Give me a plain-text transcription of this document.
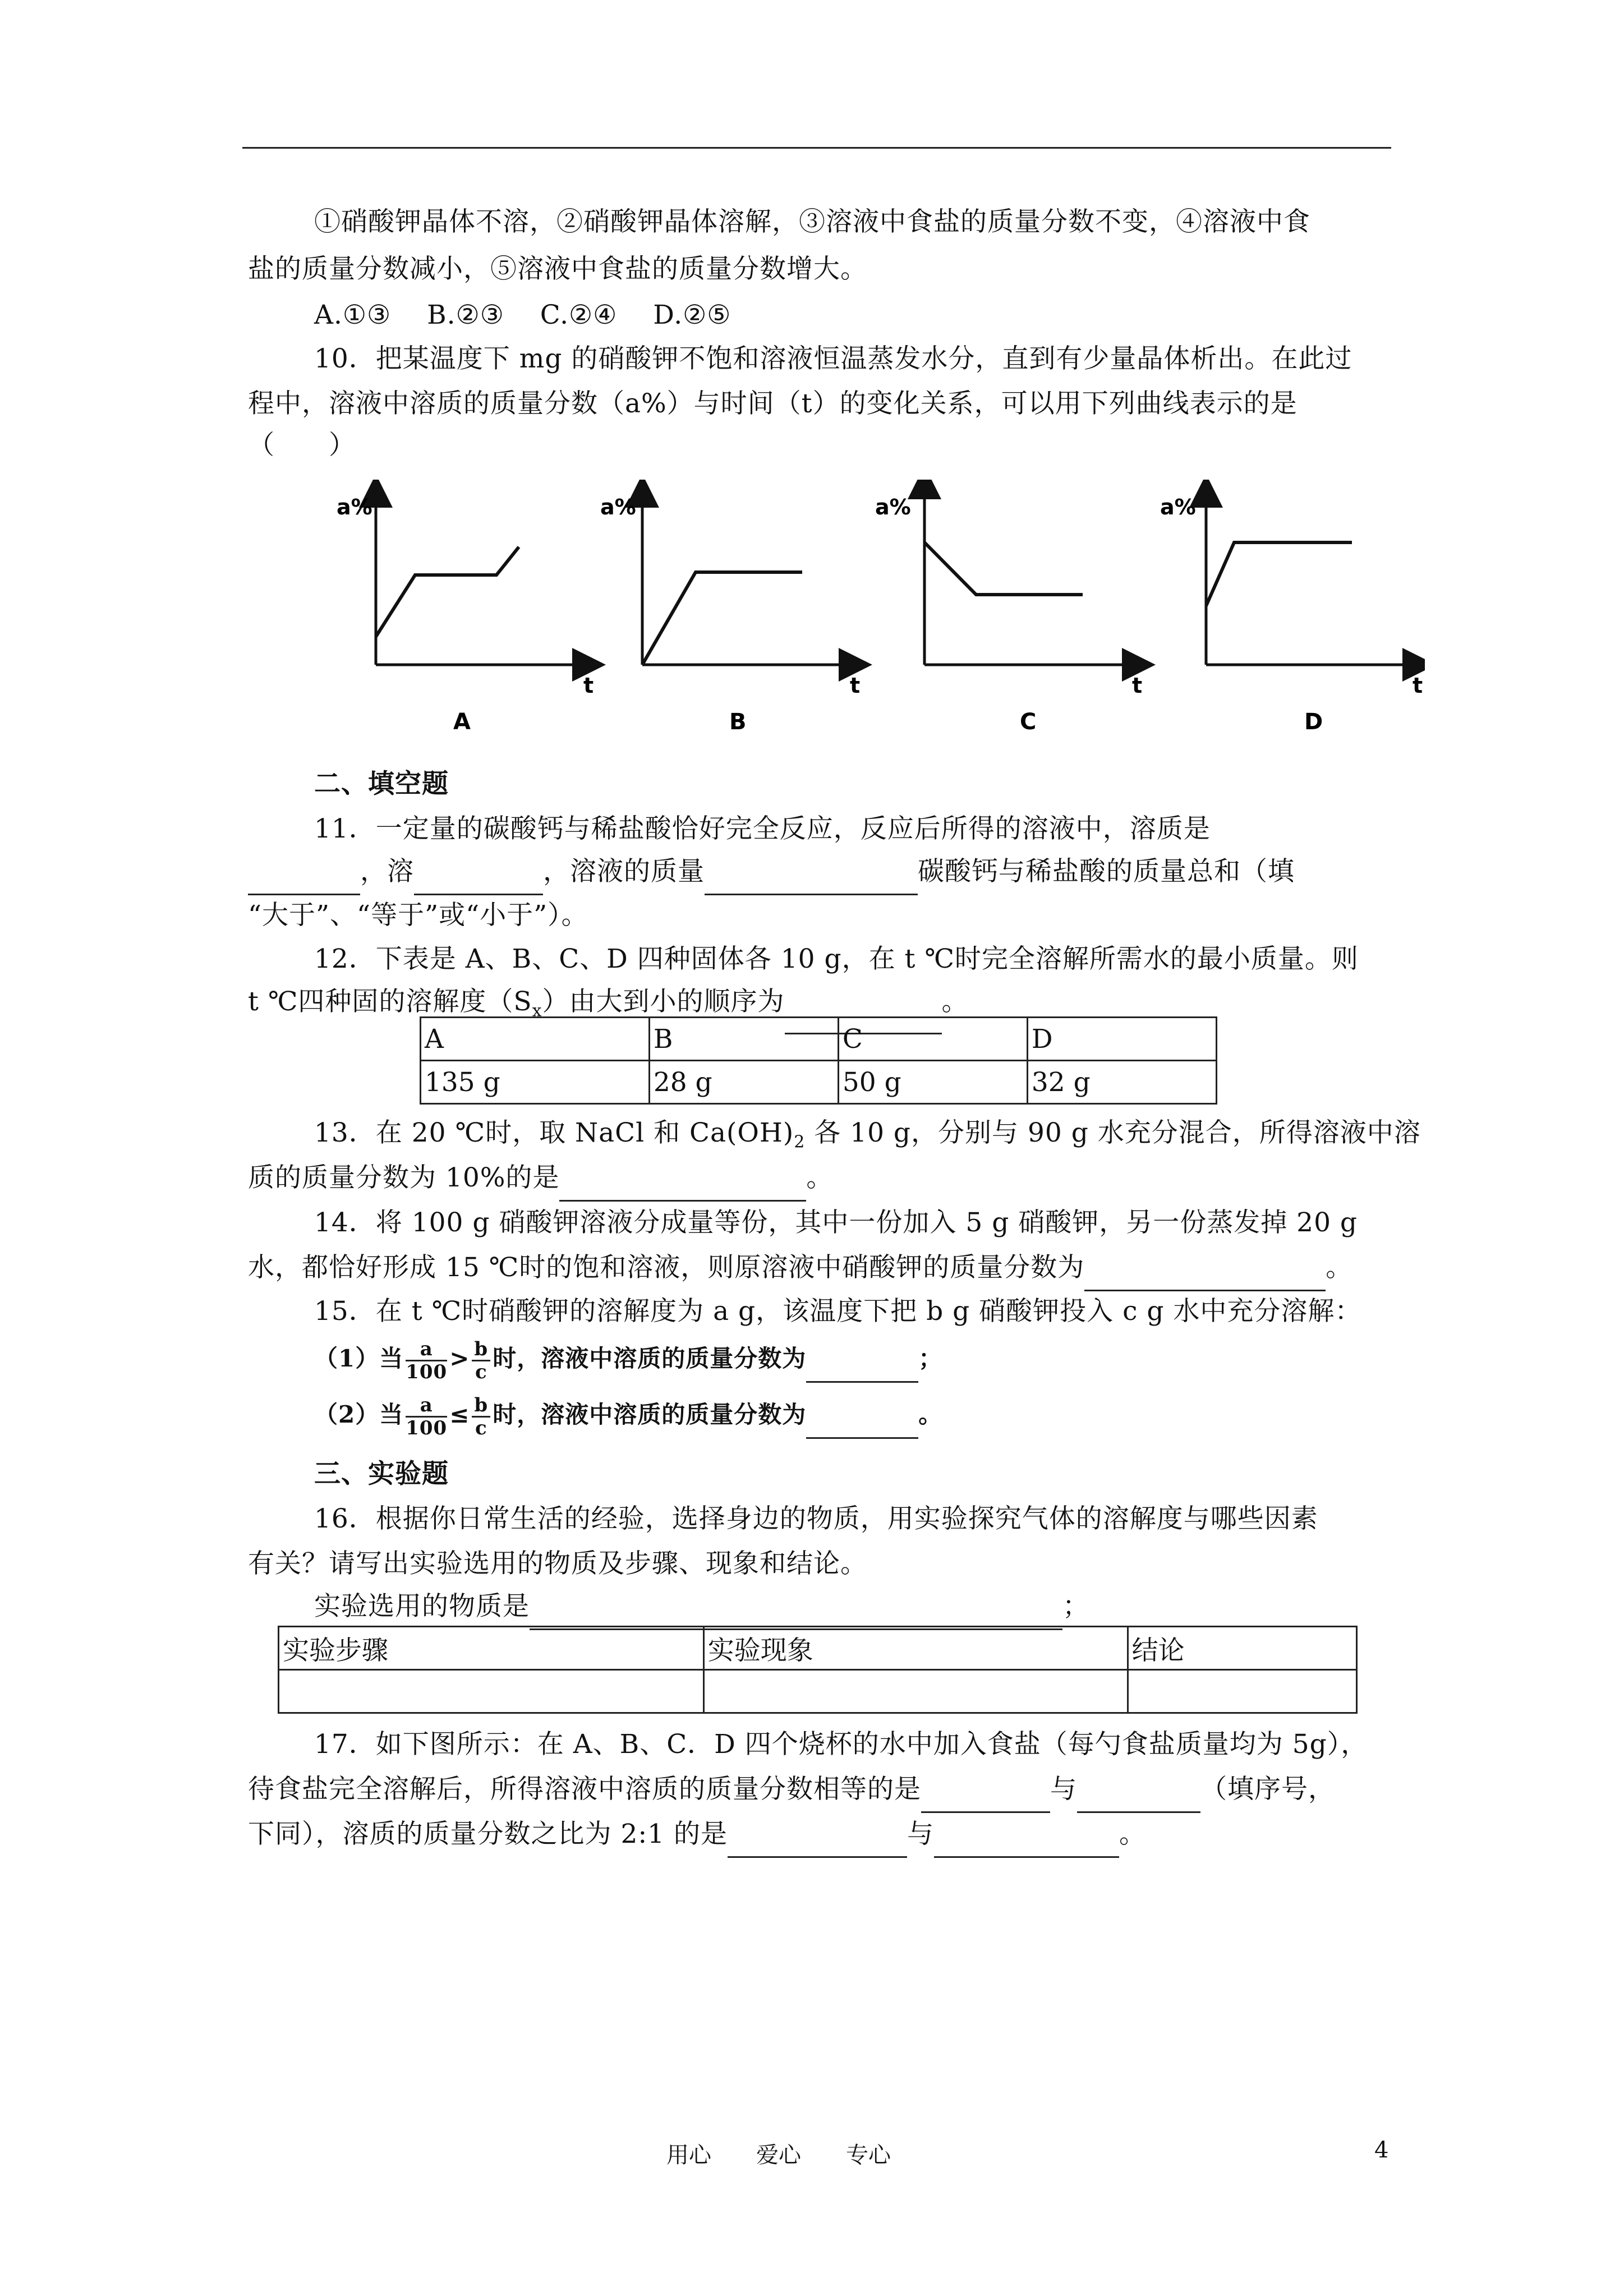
①硝酸钾晶体不溶，②硝酸钾晶体溶解，③溶液中食盐的质量分数不变，④溶液中食
盐的质量分数减小，⑤溶液中食盐的质量分数增大。
A.①③　 B.②③　 C.②④　 D.②⑤
10．把某温度下 mg 的硝酸钾不饱和溶液恒温蒸发水分，直到有少量晶体析出。在此过
程中，溶液中溶质的质量分数（a%）与时间（t）的变化关系，可以用下列曲线表示的是
（　　）
a%
t
A
a%
t
B
a%
t
C
a%
t
D
二、填空题
11．一定量的碳酸钙与稀盐酸恰好完全反应，反应后所得的溶液中，溶质是
，溶	，溶液的质量	碳酸钙与稀盐酸的质量总和（填
“大于”、“等于”或“小于”）。
12．下表是 A、B、C、D 四种固体各 10 g，在 t ℃时完全溶解所需水的最小质量。则
t ℃四种固的溶解度$(S_x)$由大到小的顺序为	。
A	B	C	D
135 g	28 g	50 g	32 g
13．在 20 ℃时，取 NaCl 和 $Ca(OH)_2$ 各 10 g，分别与 90 g 水充分混合，所得溶液中溶
质的质量分数为 10%的是	。
14．将 100 g 硝酸钾溶液分成量等份，其中一份加入 5 g 硝酸钾，另一份蒸发掉 20 g
水，都恰好形成 15 ℃时的饱和溶液，则原溶液中硝酸钾的质量分数为	。
15．在 t ℃时硝酸钾的溶解度为 a g，该温度下把 b g 硝酸钾投入 c g 水中充分溶解：
（1）当 $\frac{a}{100} > \frac{b}{c}$ 时，溶液中溶质的质量分数为	；
（2）当 $\frac{a}{100} \le \frac{b}{c}$ 时，溶液中溶质的质量分数为	。
三、实验题
16．根据你日常生活的经验，选择身边的物质，用实验探究气体的溶解度与哪些因素
有关？请写出实验选用的物质及步骤、现象和结论。
实验选用的物质是	；
实验步骤	实验现象	结论

17．如下图所示：在 A、B、C．D 四个烧杯的水中加入食盐（每勺食盐质量均为 5g），
待食盐完全溶解后，所得溶液中溶质的质量分数相等的是	与	（填序号，
下同），溶质的质量分数之比为 2:1 的是	与	。
用心　　爱心　　专心	4
